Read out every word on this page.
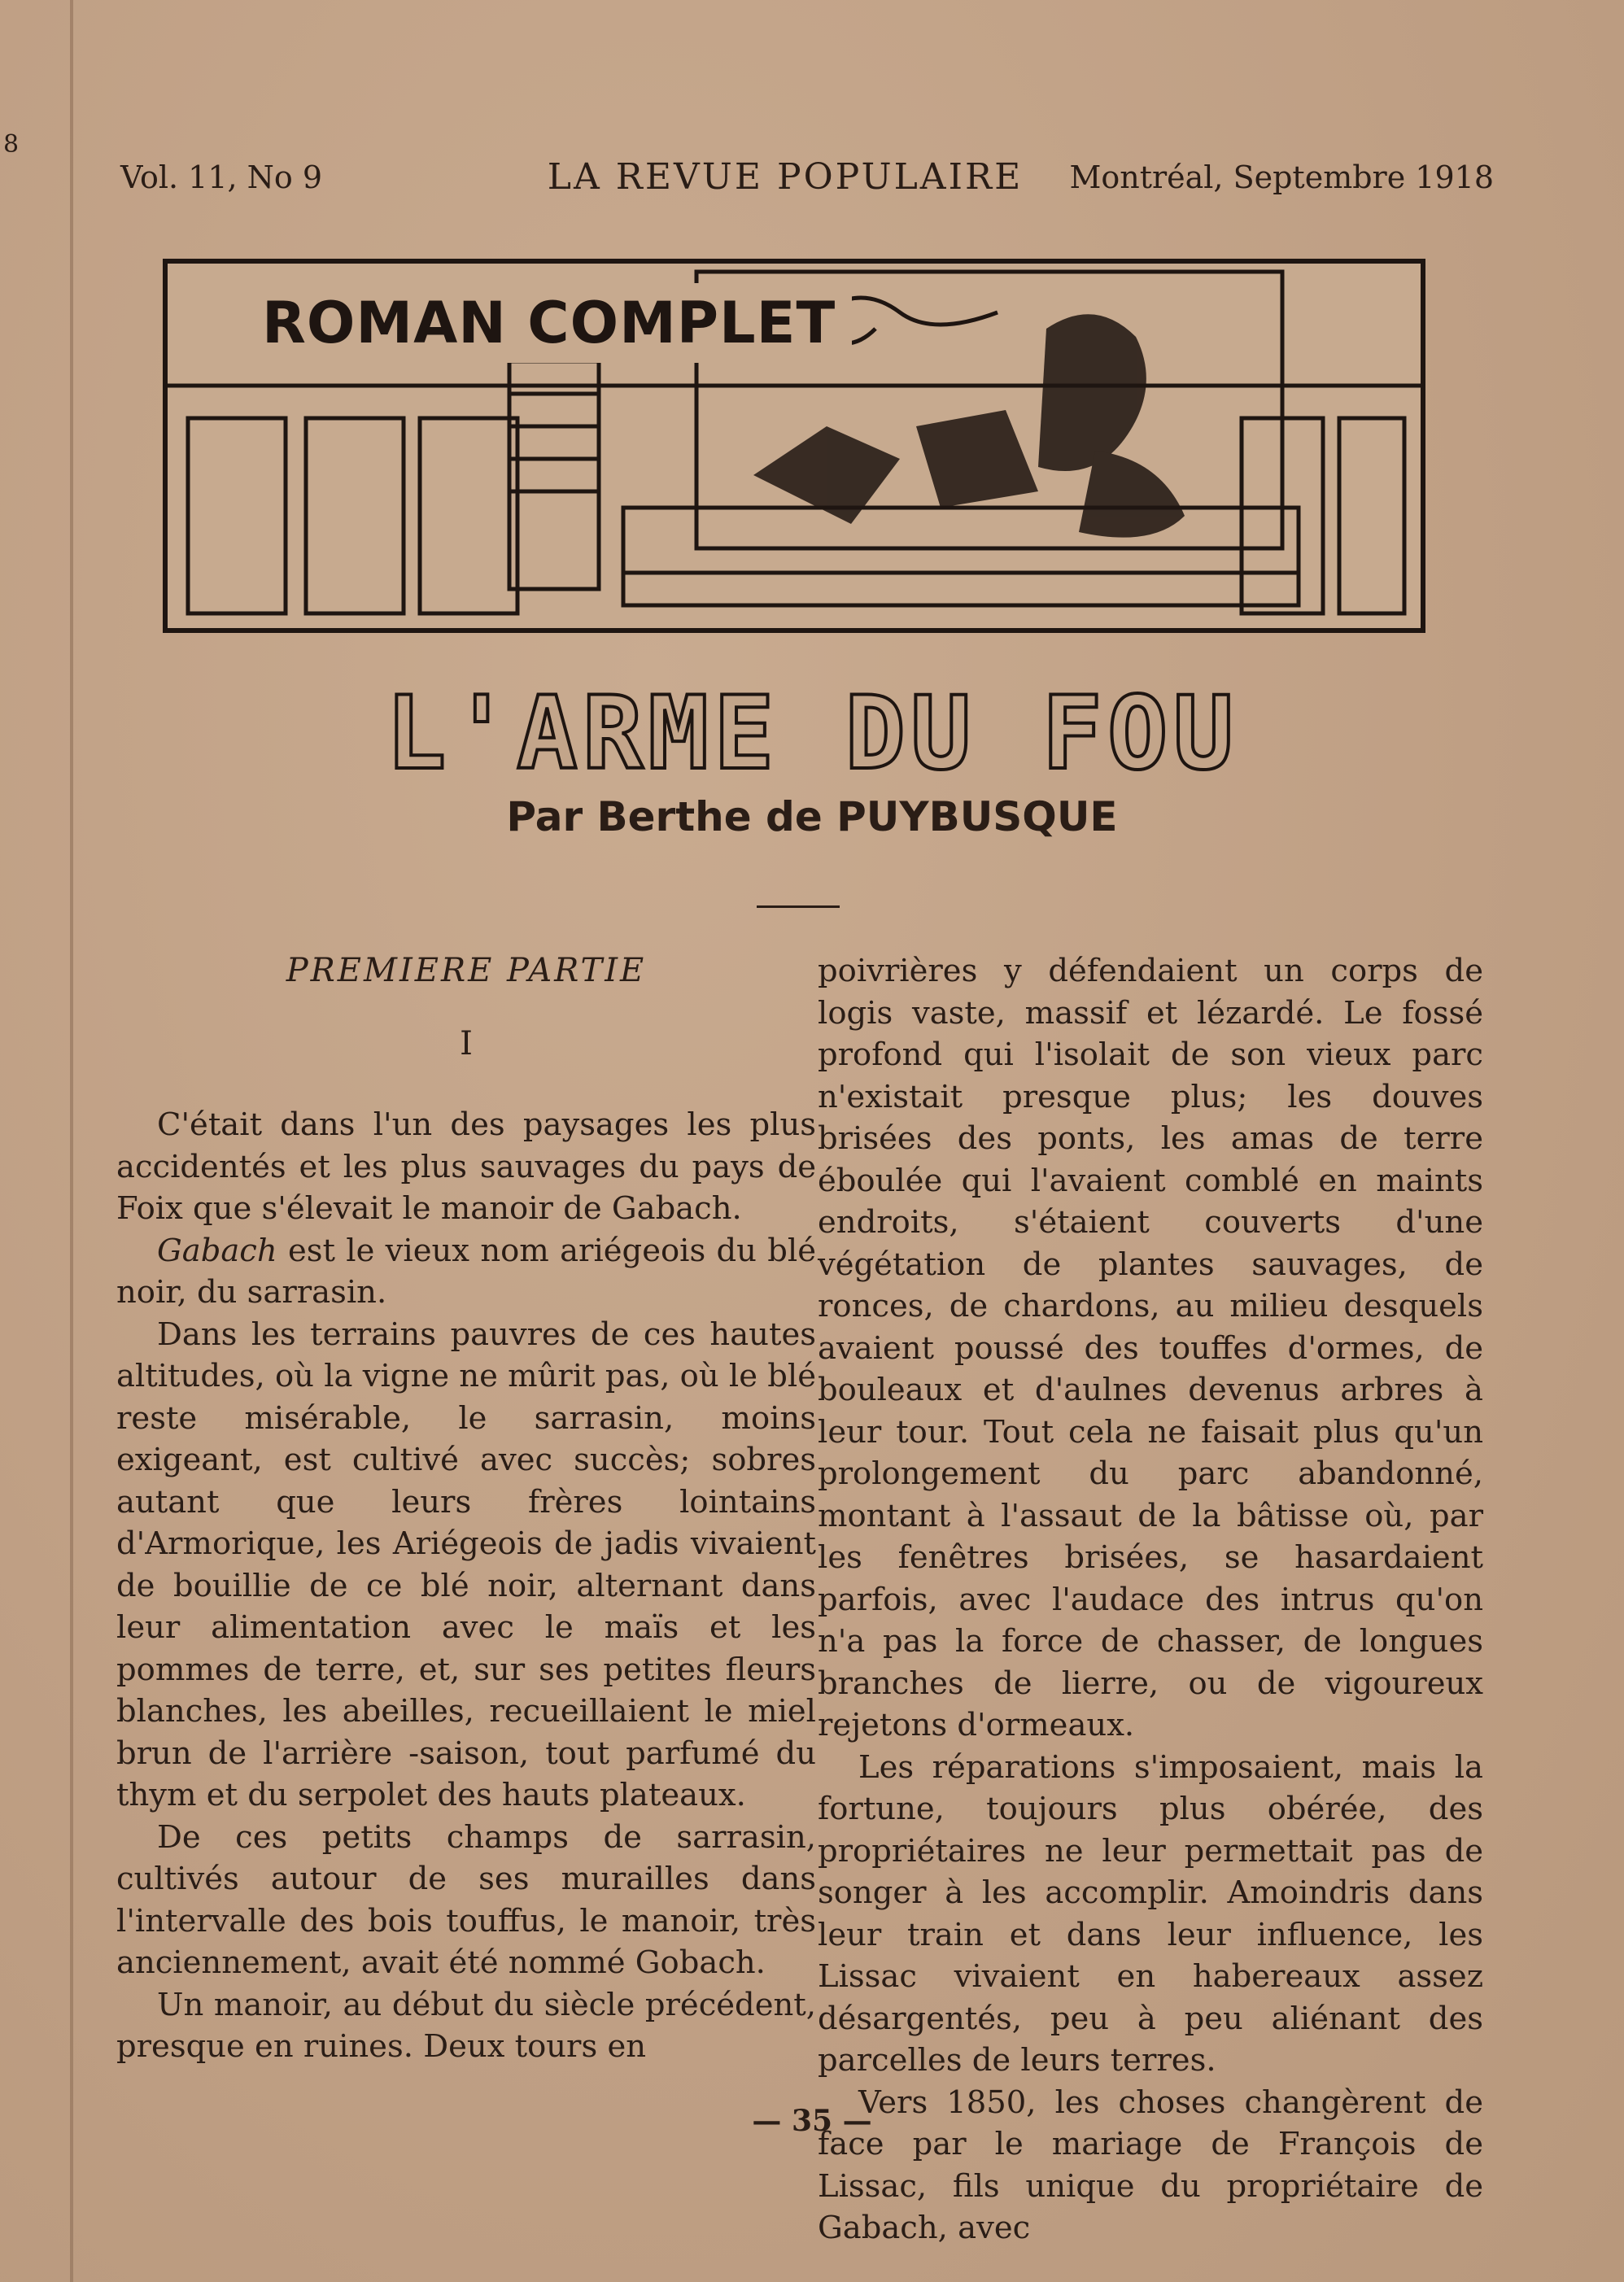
8
Vol. 11, No 9	LA REVUE POPULAIRE	Montréal, Septembre 1918
ROMAN COMPLET
L'ARME DU FOU
Par Berthe de PUYBUSQUE
PREMIERE PARTIE
I

C'était dans l'un des paysages les plus accidentés et les plus sauvages du pays de Foix que s'élevait le manoir de Gabach.

Gabach est le vieux nom ariégeois du blé noir, du sarrasin.

Dans les terrains pauvres de ces hautes altitudes, où la vigne ne mûrit pas, où le blé reste misérable, le sarrasin, moins exigeant, est cultivé avec succès; sobres autant que leurs frères lointains d'Armorique, les Ariégeois de jadis vivaient de bouillie de ce blé noir, alternant dans leur alimentation avec le maïs et les pommes de terre, et, sur ses petites fleurs blanches, les abeilles, recueillaient le miel brun de l'arrière -saison, tout parfumé du thym et du serpolet des hauts plateaux.

De ces petits champs de sarrasin, cultivés autour de ses murailles dans l'intervalle des bois touffus, le manoir, très anciennement, avait été nommé Gobach.

Un manoir, au début du siècle précédent, presque en ruines. Deux tours en

poivrières y défendaient un corps de logis vaste, massif et lézardé. Le fossé profond qui l'isolait de son vieux parc n'existait presque plus; les douves brisées des ponts, les amas de terre éboulée qui l'avaient comblé en maints endroits, s'étaient couverts d'une végétation de plantes sauvages, de ronces, de chardons, au milieu desquels avaient poussé des touffes d'ormes, de bouleaux et d'aulnes devenus arbres à leur tour. Tout cela ne faisait plus qu'un prolongement du parc abandonné, montant à l'assaut de la bâtisse où, par les fenêtres brisées, se hasardaient parfois, avec l'audace des intrus qu'on n'a pas la force de chasser, de longues branches de lierre, ou de vigoureux rejetons d'ormeaux.

Les réparations s'imposaient, mais la fortune, toujours plus obérée, des propriétaires ne leur permettait pas de songer à les accomplir. Amoindris dans leur train et dans leur influence, les Lissac vivaient en habereaux assez désargentés, peu à peu aliénant des parcelles de leurs terres.

Vers 1850, les choses changèrent de face par le mariage de François de Lissac, fils unique du propriétaire de Gabach, avec

— 35 —
